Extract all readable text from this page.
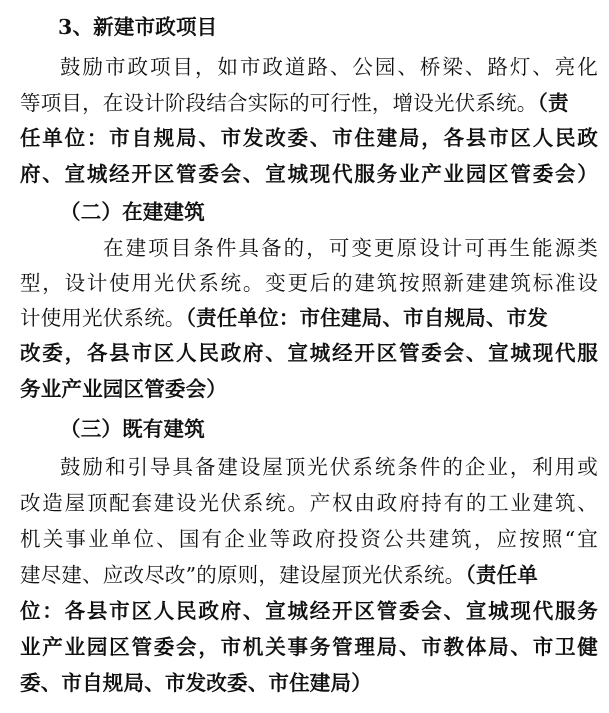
3、新建市政项目
鼓励市政项目，如市政道路、公园、桥梁、路灯、亮化
等项目，在设计阶段结合实际的可行性，增设光伏系统。（责
任单位：市自规局、市发改委、市住建局，各县市区人民政
府、宣城经开区管委会、宣城现代服务业产业园区管委会）
（二）在建建筑
在建项目条件具备的，可变更原设计可再生能源类
型，设计使用光伏系统。变更后的建筑按照新建建筑标准设
计使用光伏系统。（责任单位：市住建局、市自规局、市发
改委，各县市区人民政府、宣城经开区管委会、宣城现代服
务业产业园区管委会）
（三）既有建筑
鼓励和引导具备建设屋顶光伏系统条件的企业，利用或
改造屋顶配套建设光伏系统。产权由政府持有的工业建筑、
机关事业单位、国有企业等政府投资公共建筑，应按照“宜
建尽建、应改尽改”的原则，建设屋顶光伏系统。（责任单
位：各县市区人民政府、宣城经开区管委会、宣城现代服务
业产业园区管委会，市机关事务管理局、市教体局、市卫健
委、市自规局、市发改委、市住建局）
